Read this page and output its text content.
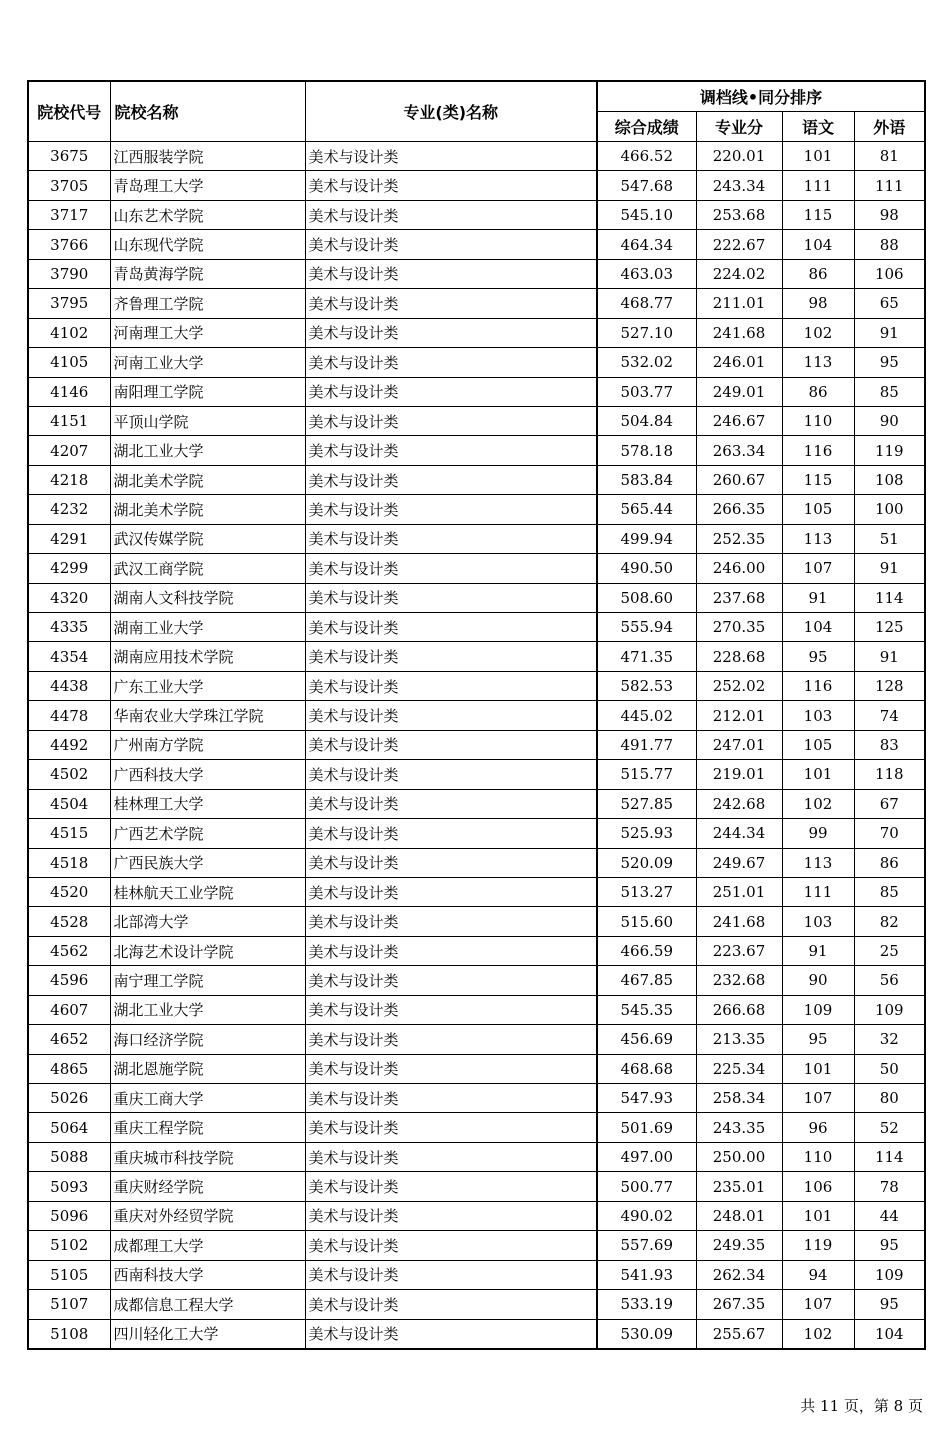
院校代号	院校名称	专业(类)名称	调档线•同分排序			
			综合成绩	专业分	语文	外语
3675	江西服装学院	美术与设计类	466.52	220.01	101	81
3705	青岛理工大学	美术与设计类	547.68	243.34	111	111
3717	山东艺术学院	美术与设计类	545.10	253.68	115	98
3766	山东现代学院	美术与设计类	464.34	222.67	104	88
3790	青岛黄海学院	美术与设计类	463.03	224.02	86	106
3795	齐鲁理工学院	美术与设计类	468.77	211.01	98	65
4102	河南理工大学	美术与设计类	527.10	241.68	102	91
4105	河南工业大学	美术与设计类	532.02	246.01	113	95
4146	南阳理工学院	美术与设计类	503.77	249.01	86	85
4151	平顶山学院	美术与设计类	504.84	246.67	110	90
4207	湖北工业大学	美术与设计类	578.18	263.34	116	119
4218	湖北美术学院	美术与设计类	583.84	260.67	115	108
4232	湖北美术学院	美术与设计类	565.44	266.35	105	100
4291	武汉传媒学院	美术与设计类	499.94	252.35	113	51
4299	武汉工商学院	美术与设计类	490.50	246.00	107	91
4320	湖南人文科技学院	美术与设计类	508.60	237.68	91	114
4335	湖南工业大学	美术与设计类	555.94	270.35	104	125
4354	湖南应用技术学院	美术与设计类	471.35	228.68	95	91
4438	广东工业大学	美术与设计类	582.53	252.02	116	128
4478	华南农业大学珠江学院	美术与设计类	445.02	212.01	103	74
4492	广州南方学院	美术与设计类	491.77	247.01	105	83
4502	广西科技大学	美术与设计类	515.77	219.01	101	118
4504	桂林理工大学	美术与设计类	527.85	242.68	102	67
4515	广西艺术学院	美术与设计类	525.93	244.34	99	70
4518	广西民族大学	美术与设计类	520.09	249.67	113	86
4520	桂林航天工业学院	美术与设计类	513.27	251.01	111	85
4528	北部湾大学	美术与设计类	515.60	241.68	103	82
4562	北海艺术设计学院	美术与设计类	466.59	223.67	91	25
4596	南宁理工学院	美术与设计类	467.85	232.68	90	56
4607	湖北工业大学	美术与设计类	545.35	266.68	109	109
4652	海口经济学院	美术与设计类	456.69	213.35	95	32
4865	湖北恩施学院	美术与设计类	468.68	225.34	101	50
5026	重庆工商大学	美术与设计类	547.93	258.34	107	80
5064	重庆工程学院	美术与设计类	501.69	243.35	96	52
5088	重庆城市科技学院	美术与设计类	497.00	250.00	110	114
5093	重庆财经学院	美术与设计类	500.77	235.01	106	78
5096	重庆对外经贸学院	美术与设计类	490.02	248.01	101	44
5102	成都理工大学	美术与设计类	557.69	249.35	119	95
5105	西南科技大学	美术与设计类	541.93	262.34	94	109
5107	成都信息工程大学	美术与设计类	533.19	267.35	107	95
5108	四川轻化工大学	美术与设计类	530.09	255.67	102	104
共 11 页，第 8 页
